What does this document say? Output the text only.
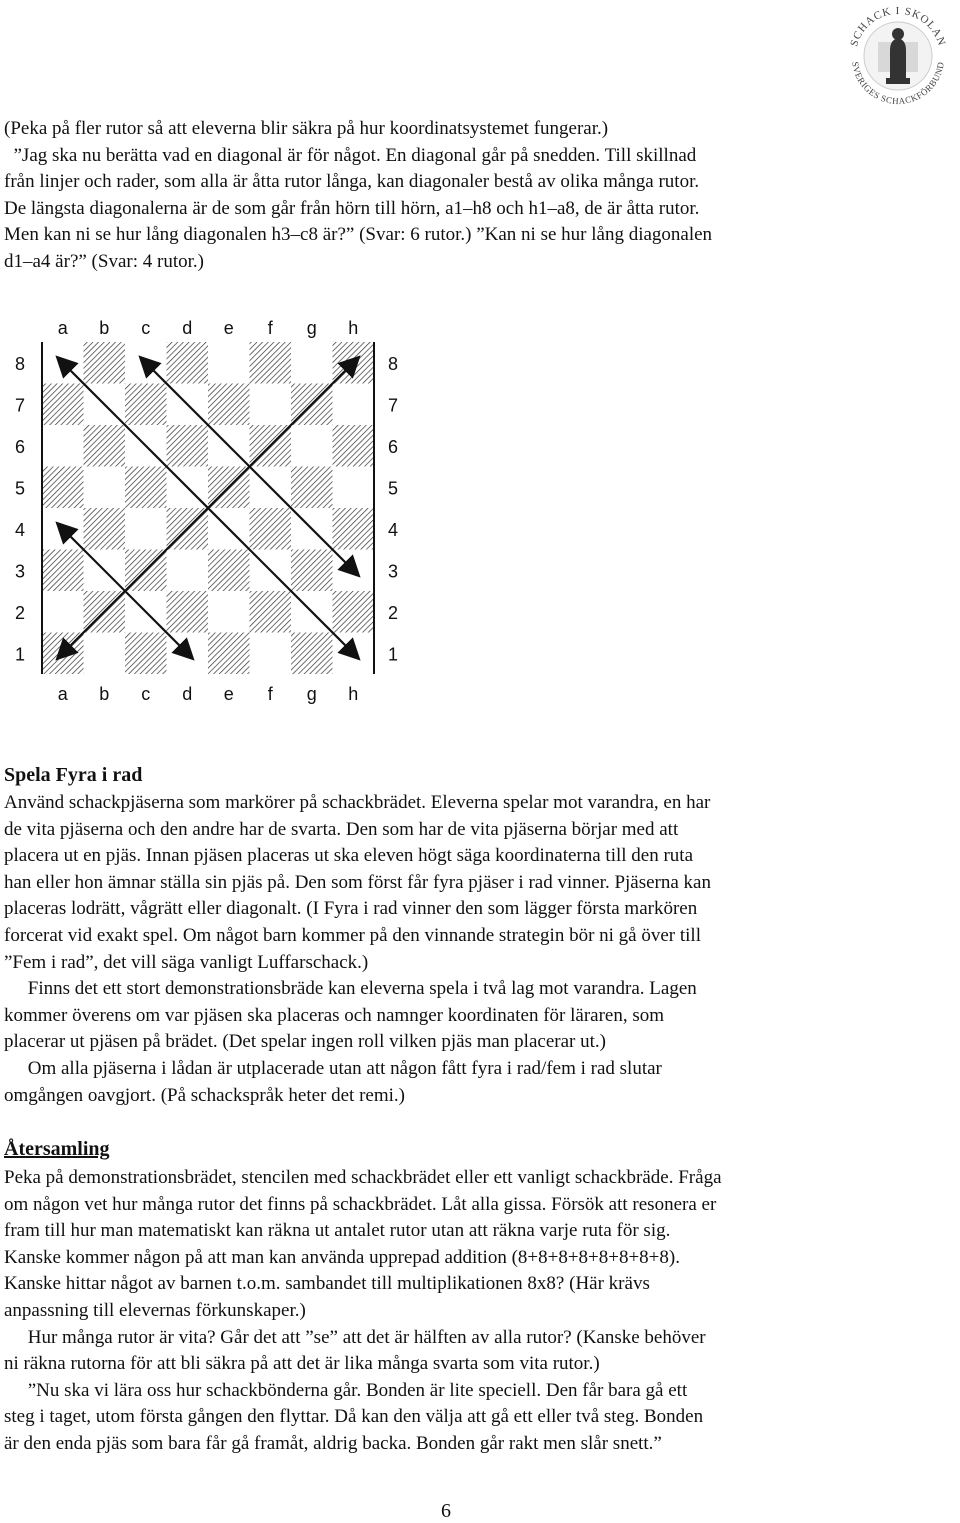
SCHACK I SKOLAN
SVERIGES SCHACKFÖRBUND
(Peka på fler rutor så att eleverna blir säkra på hur koordinatsystemet fungerar.)
”Jag ska nu berätta vad en diagonal är för något. En diagonal går på snedden. Till skillnad
från linjer och rader, som alla är åtta rutor långa, kan diagonaler bestå av olika många rutor.
De längsta diagonalerna är de som går från hörn till hörn, a1–h8 och h1–a8, de är åtta rutor.
Men kan ni se hur lång diagonalen h3–c8 är?” (Svar: 6 rutor.) ”Kan ni se hur lång diagonalen
d1–a4 är?” (Svar: 4 rutor.)
a
a
b
b
c
c
d
d
e
e
f
f
g
g
h
h
8	8
7	7
6	6
5	5
4	4
3	3
2	2
1	1
Spela Fyra i rad
Använd schackpjäserna som markörer på schackbrädet. Eleverna spelar mot varandra, en har
de vita pjäserna och den andre har de svarta. Den som har de vita pjäserna börjar med att
placera ut en pjäs. Innan pjäsen placeras ut ska eleven högt säga koordinaterna till den ruta
han eller hon ämnar ställa sin pjäs på. Den som först får fyra pjäser i rad vinner. Pjäserna kan
placeras lodrätt, vågrätt eller diagonalt. (I Fyra i rad vinner den som lägger första markören
forcerat vid exakt spel. Om något barn kommer på den vinnande strategin bör ni gå över till
”Fem i rad”, det vill säga vanligt Luffarschack.)
Finns det ett stort demonstrationsbräde kan eleverna spela i två lag mot varandra. Lagen
kommer överens om var pjäsen ska placeras och namnger koordinaten för läraren, som
placerar ut pjäsen på brädet. (Det spelar ingen roll vilken pjäs man placerar ut.)
Om alla pjäserna i lådan är utplacerade utan att någon fått fyra i rad/fem i rad slutar
omgången oavgjort. (På schackspråk heter det remi.)
Återsamling
Peka på demonstrationsbrädet, stencilen med schackbrädet eller ett vanligt schackbräde. Fråga
om någon vet hur många rutor det finns på schackbrädet. Låt alla gissa. Försök att resonera er
fram till hur man matematiskt kan räkna ut antalet rutor utan att räkna varje ruta för sig.
Kanske kommer någon på att man kan använda upprepad addition (8+8+8+8+8+8+8+8).
Kanske hittar något av barnen t.o.m. sambandet till multiplikationen 8x8? (Här krävs
anpassning till elevernas förkunskaper.)
Hur många rutor är vita? Går det att ”se” att det är hälften av alla rutor? (Kanske behöver
ni räkna rutorna för att bli säkra på att det är lika många svarta som vita rutor.)
”Nu ska vi lära oss hur schackbönderna går. Bonden är lite speciell. Den får bara gå ett
steg i taget, utom första gången den flyttar. Då kan den välja att gå ett eller två steg. Bonden
är den enda pjäs som bara får gå framåt, aldrig backa. Bonden går rakt men slår snett.”
6
